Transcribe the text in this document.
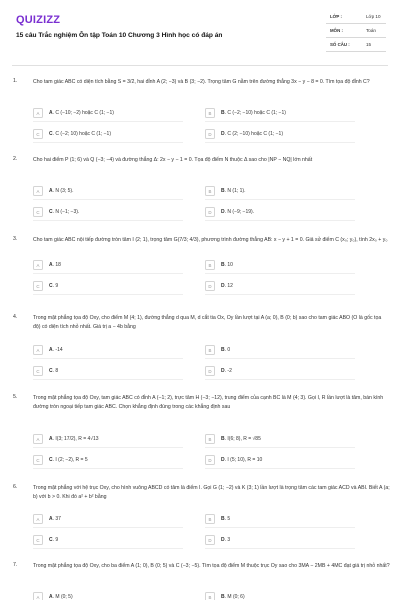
QUIZIZZ
15 câu Trắc nghiệm Ôn tập Toán 10 Chương 3 Hình học có đáp án
LỚP :	Lớp 10
MÔN :	Toán
SỐ CÂU :	15
1.	Cho tam giác ABC có diện tích bằng S = 3/2, hai đỉnh A (2; −3) và B (3; −2). Trọng tâm G nằm trên đường thẳng 3x − y − 8 = 0. Tìm tọa độ đỉnh C?
A	A. C (−10; −2) hoặc C (1; −1)	B	B. C (−2; −10) hoặc C (1; −1)
C	C. C (−2; 10) hoặc C (1; −1)	D	D. C (2; −10) hoặc C (1; −1)
2.	Cho hai điểm P (1; 6) và Q (−3; −4) và đường thẳng Δ: 2x − y − 1 = 0. Tọa độ điểm N thuộc Δ sao cho |NP − NQ| lớn nhất
A	A. N (3; 5).	B	B. N (1; 1).
C	C. N (−1; −3).	D	D. N (−9; −19).
3.	Cho tam giác ABC nội tiếp đường tròn tâm I (2; 1), trọng tâm G(7/3; 4/3), phương trình đường thẳng AB: x − y + 1 = 0. Giả sử điểm C (x₀; y₀), tính 2x₀ + y₀
A	A. 18	B	B. 10
C	C. 9	D	D. 12
4.	Trong mặt phẳng tọa độ Oxy, cho điểm M (4; 1), đường thẳng d qua M, d cắt tia Ox, Oy lần lượt tại A (a; 0), B (0; b) sao cho tam giác ABO (O là gốc tọa độ) có diện tích nhỏ nhất. Giá trị a − 4b bằng
A	A. -14	B	B. 0
C	C. 8	D	D. -2
5.	Trong mặt phẳng tọa độ Oxy, tam giác ABC có đỉnh A (−1; 2), trực tâm H (−3; −12), trung điểm của cạnh BC là M (4; 3). Gọi I, R lần lượt là tâm, bán kính đường tròn ngoại tiếp tam giác ABC. Chọn khẳng định đúng trong các khẳng định sau
A	A. I(3; 17/2), R = 4√13	B	B. I(6; 8), R = √85
C	C. I (2; −2), R = 5	D	D. I (5; 10), R = 10
6.	Trong mặt phẳng với hệ trục Oxy, cho hình vuông ABCD có tâm là điểm I. Gọi G (1; −2) và K (3; 1) lần lượt là trọng tâm các tam giác ACD và ABI. Biết A (a; b) với b > 0. Khi đó a² + b² bằng
A	A. 37	B	B. 5
C	C. 9	D	D. 3
7.	Trong mặt phẳng tọa độ Oxy, cho ba điểm A (1; 0), B (0; 5) và C (−3; −5). Tìm tọa độ điểm M thuộc trục Oy sao cho 3MA − 2MB + 4MC đạt giá trị nhỏ nhất?
A	A. M (0; 5)	B	B. M (0; 6)
